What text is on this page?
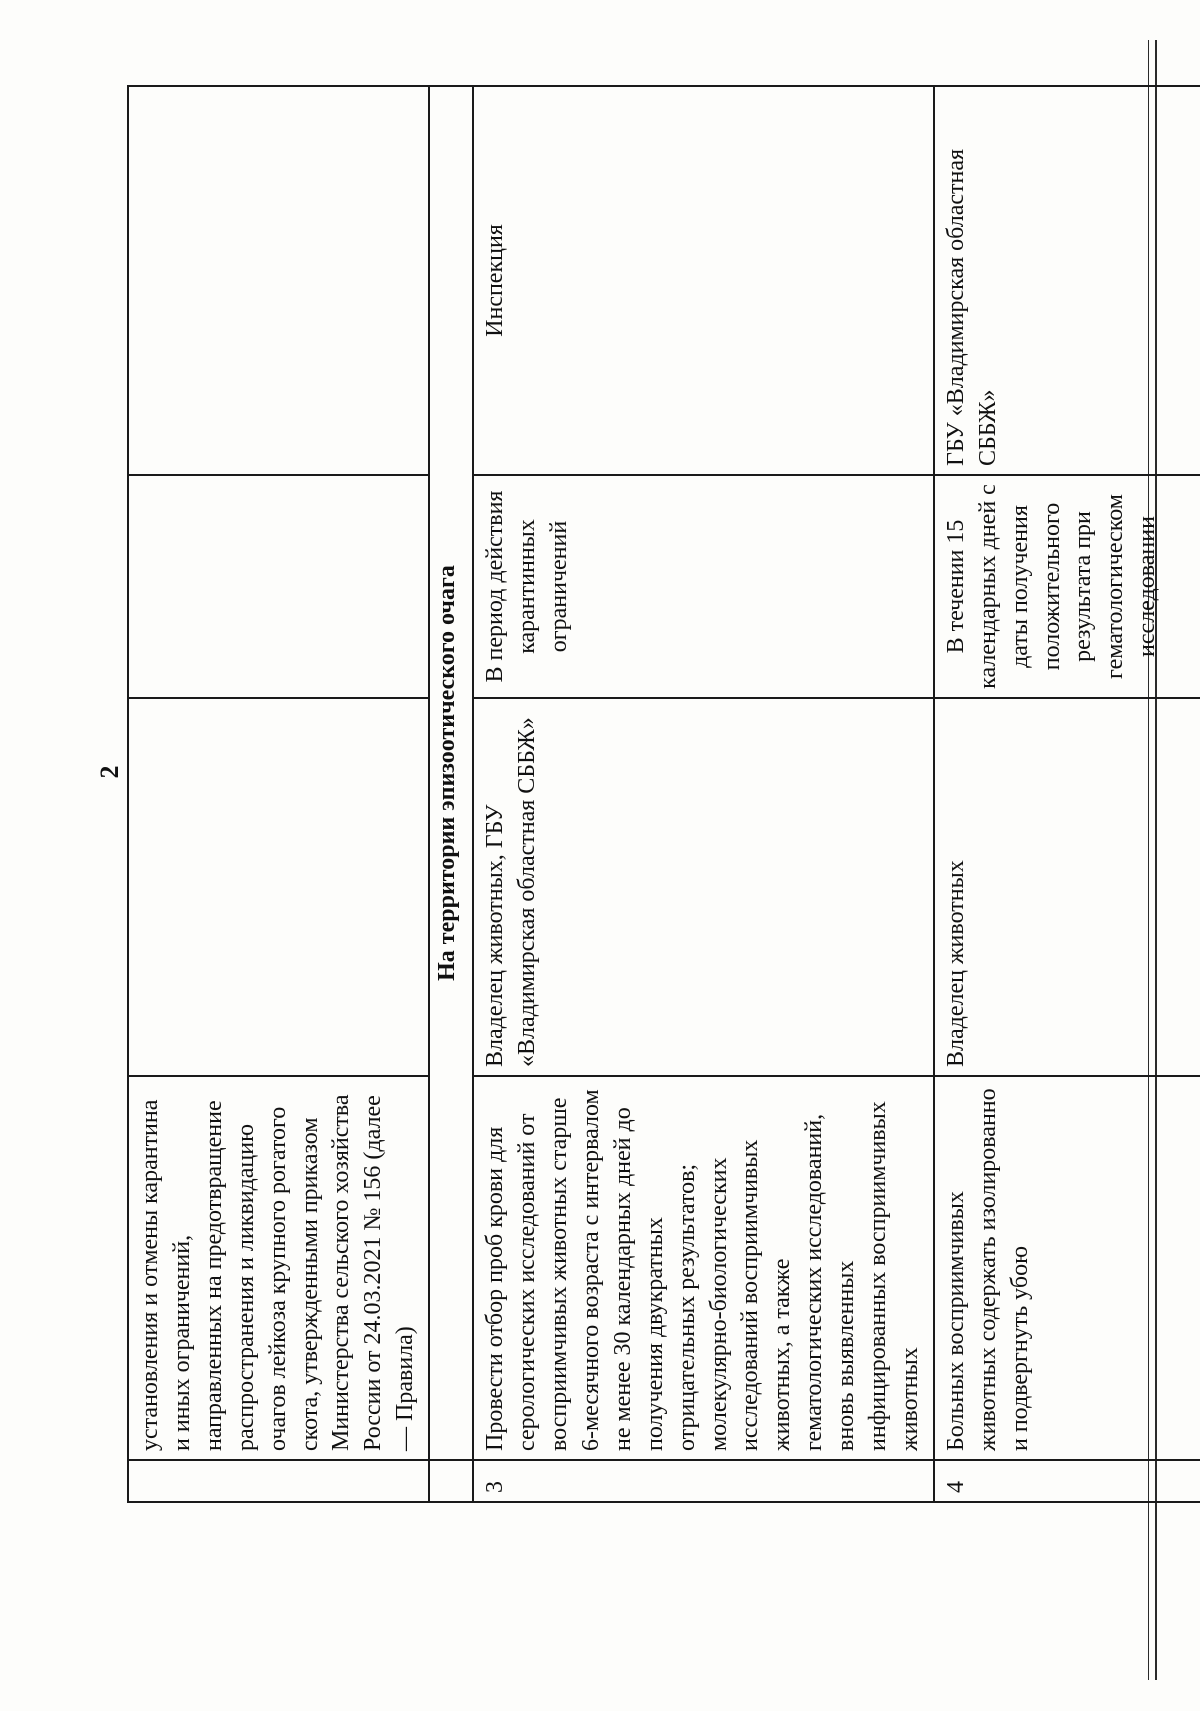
2
	установления и отмены карантина и иных ограничений, направленных на предотвращение распространения и ликвидацию очагов лейкоза крупного рогатого скота, утвержденными приказом Министерства сельского хозяйства России от 24.03.2021 № 156 (далее — Правила)			
	На территории эпизоотического очага			
3	Провести отбор проб крови для серологических исследований от восприимчивых животных старше 6-месячного возраста с интервалом не менее 30 календарных дней до получения двукратных отрицательных результатов; молекулярно-биологических исследований восприимчивых животных, а также гематологических исследований, вновь выявленных инфицированных восприимчивых животных	Владелец животных, ГБУ «Владимирская областная СББЖ»	В период действия карантинных ограничений	Инспекция
4	Больных восприимчивых животных содержать изолированно и подвергнуть убою	Владелец животных	В течении 15 календарных дней с даты получения положительного результата при гематологическом исследовании	ГБУ «Владимирская областная СББЖ»
